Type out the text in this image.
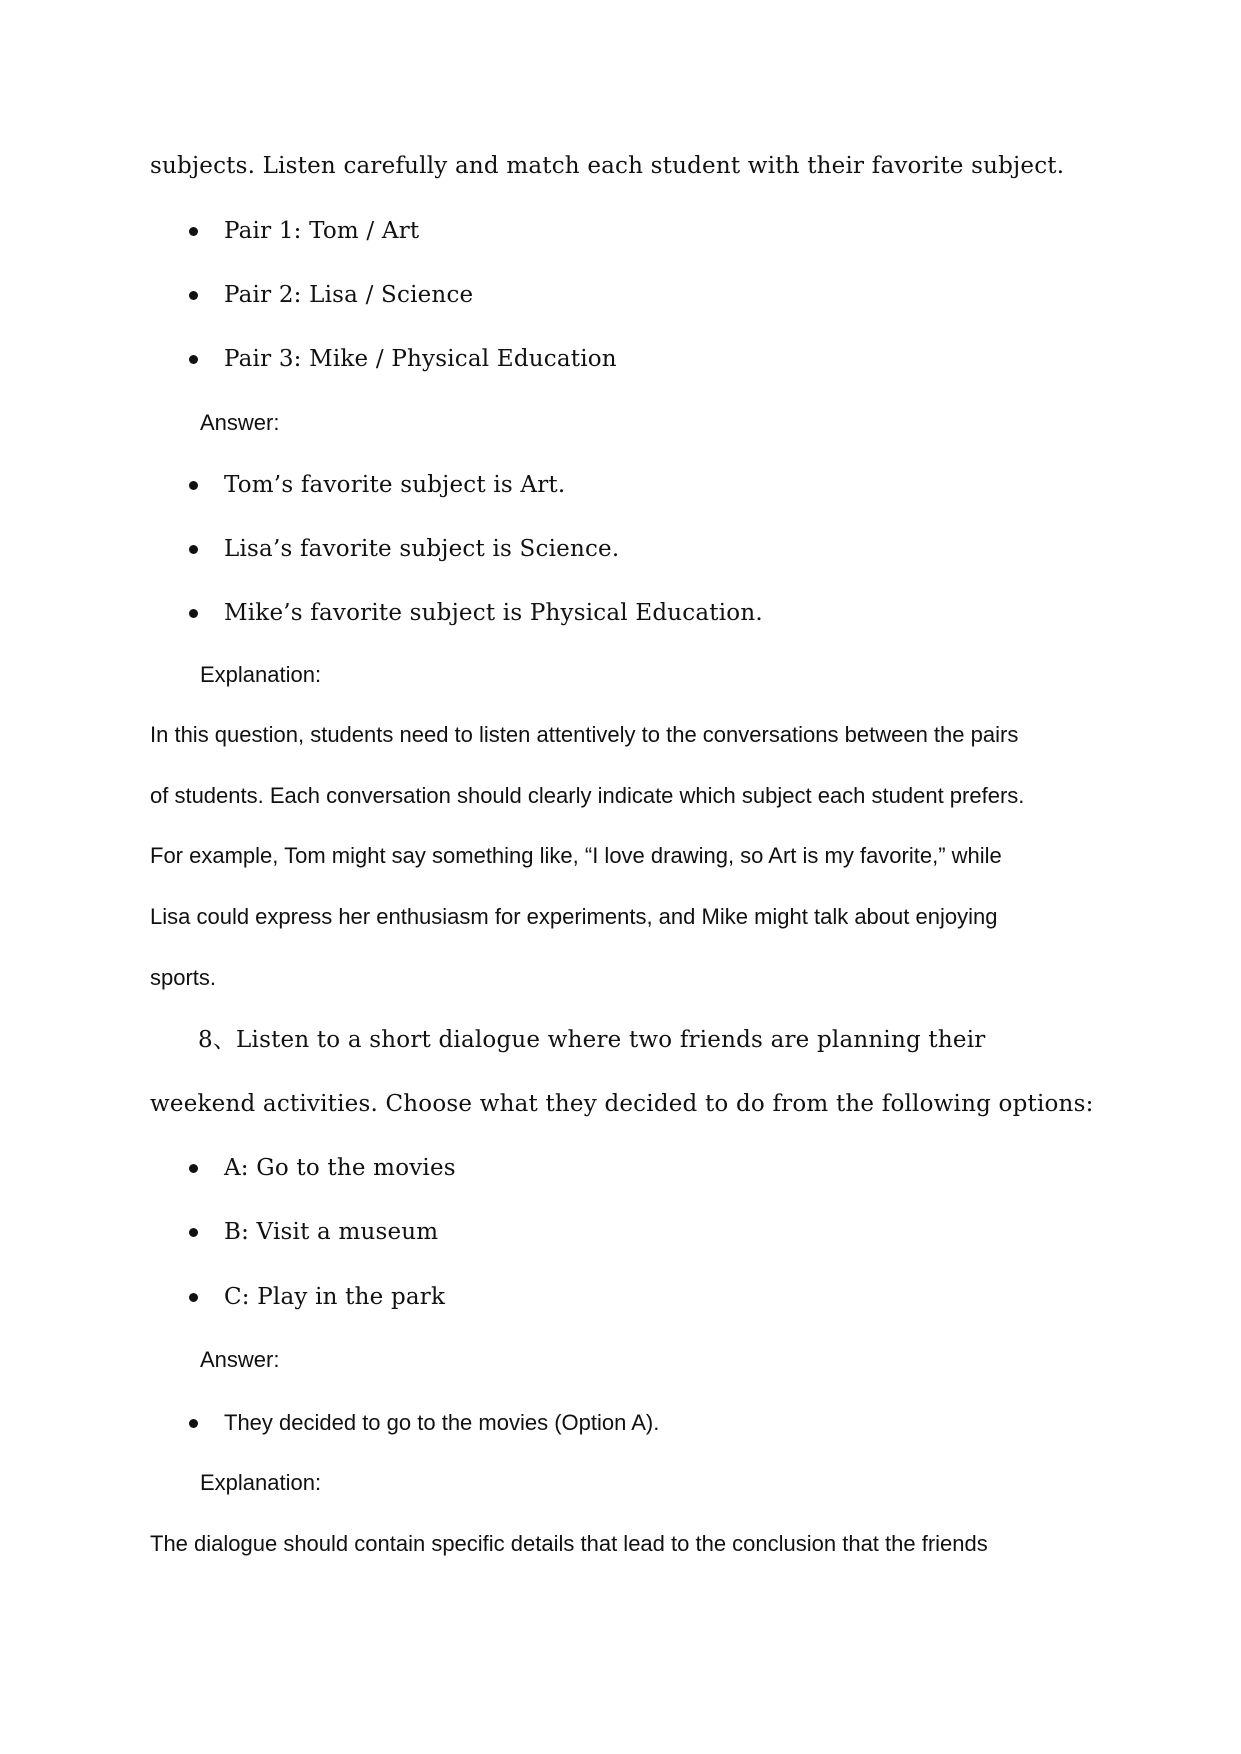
subjects. Listen carefully and match each student with their favorite subject.

Pair 1: Tom / Art
Pair 2: Lisa / Science
Pair 3: Mike / Physical Education

Answer:

Tom’s favorite subject is Art.
Lisa’s favorite subject is Science.
Mike’s favorite subject is Physical Education.

Explanation:

In this question, students need to listen attentively to the conversations between the pairs

of students. Each conversation should clearly indicate which subject each student prefers.

For example, Tom might say something like, “I love drawing, so Art is my favorite,” while

Lisa could express her enthusiasm for experiments, and Mike might talk about enjoying

sports.

8、Listen to a short dialogue where two friends are planning their

weekend activities. Choose what they decided to do from the following options:

A: Go to the movies
B: Visit a museum
C: Play in the park

Answer:

They decided to go to the movies (Option A).

Explanation:

The dialogue should contain specific details that lead to the conclusion that the friends
